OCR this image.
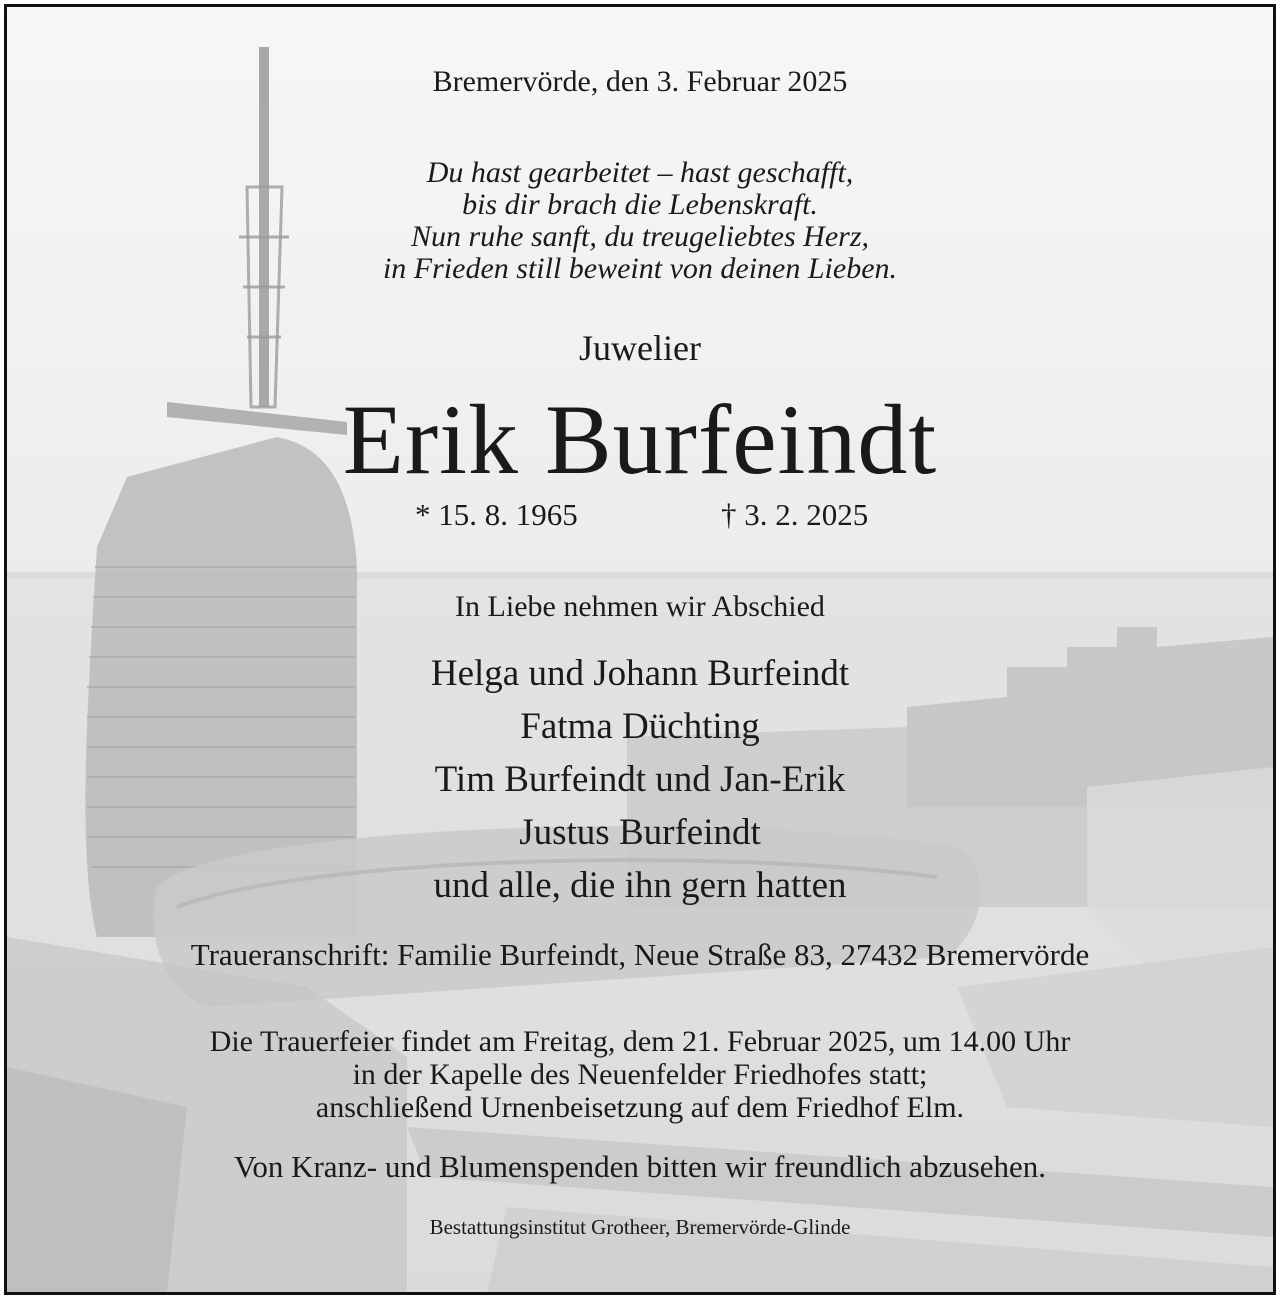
Bremervörde, den 3. Februar 2025
Du hast gearbeitet – hast geschafft,
bis dir brach die Lebenskraft.
Nun ruhe sanft, du treugeliebtes Herz,
in Frieden still beweint von deinen Lieben.
Juwelier
Erik Burfeindt
* 15. 8. 1965	† 3. 2. 2025
In Liebe nehmen wir Abschied
Helga und Johann Burfeindt
Fatma Düchting
Tim Burfeindt und Jan-Erik
Justus Burfeindt
und alle, die ihn gern hatten
Traueranschrift: Familie Burfeindt, Neue Straße 83, 27432 Bremervörde
Die Trauerfeier findet am Freitag, dem 21. Februar 2025, um 14.00 Uhr
in der Kapelle des Neuenfelder Friedhofes statt;
anschließend Urnenbeisetzung auf dem Friedhof Elm.
Von Kranz- und Blumenspenden bitten wir freundlich abzusehen.
Bestattungsinstitut Grotheer, Bremervörde-Glinde
